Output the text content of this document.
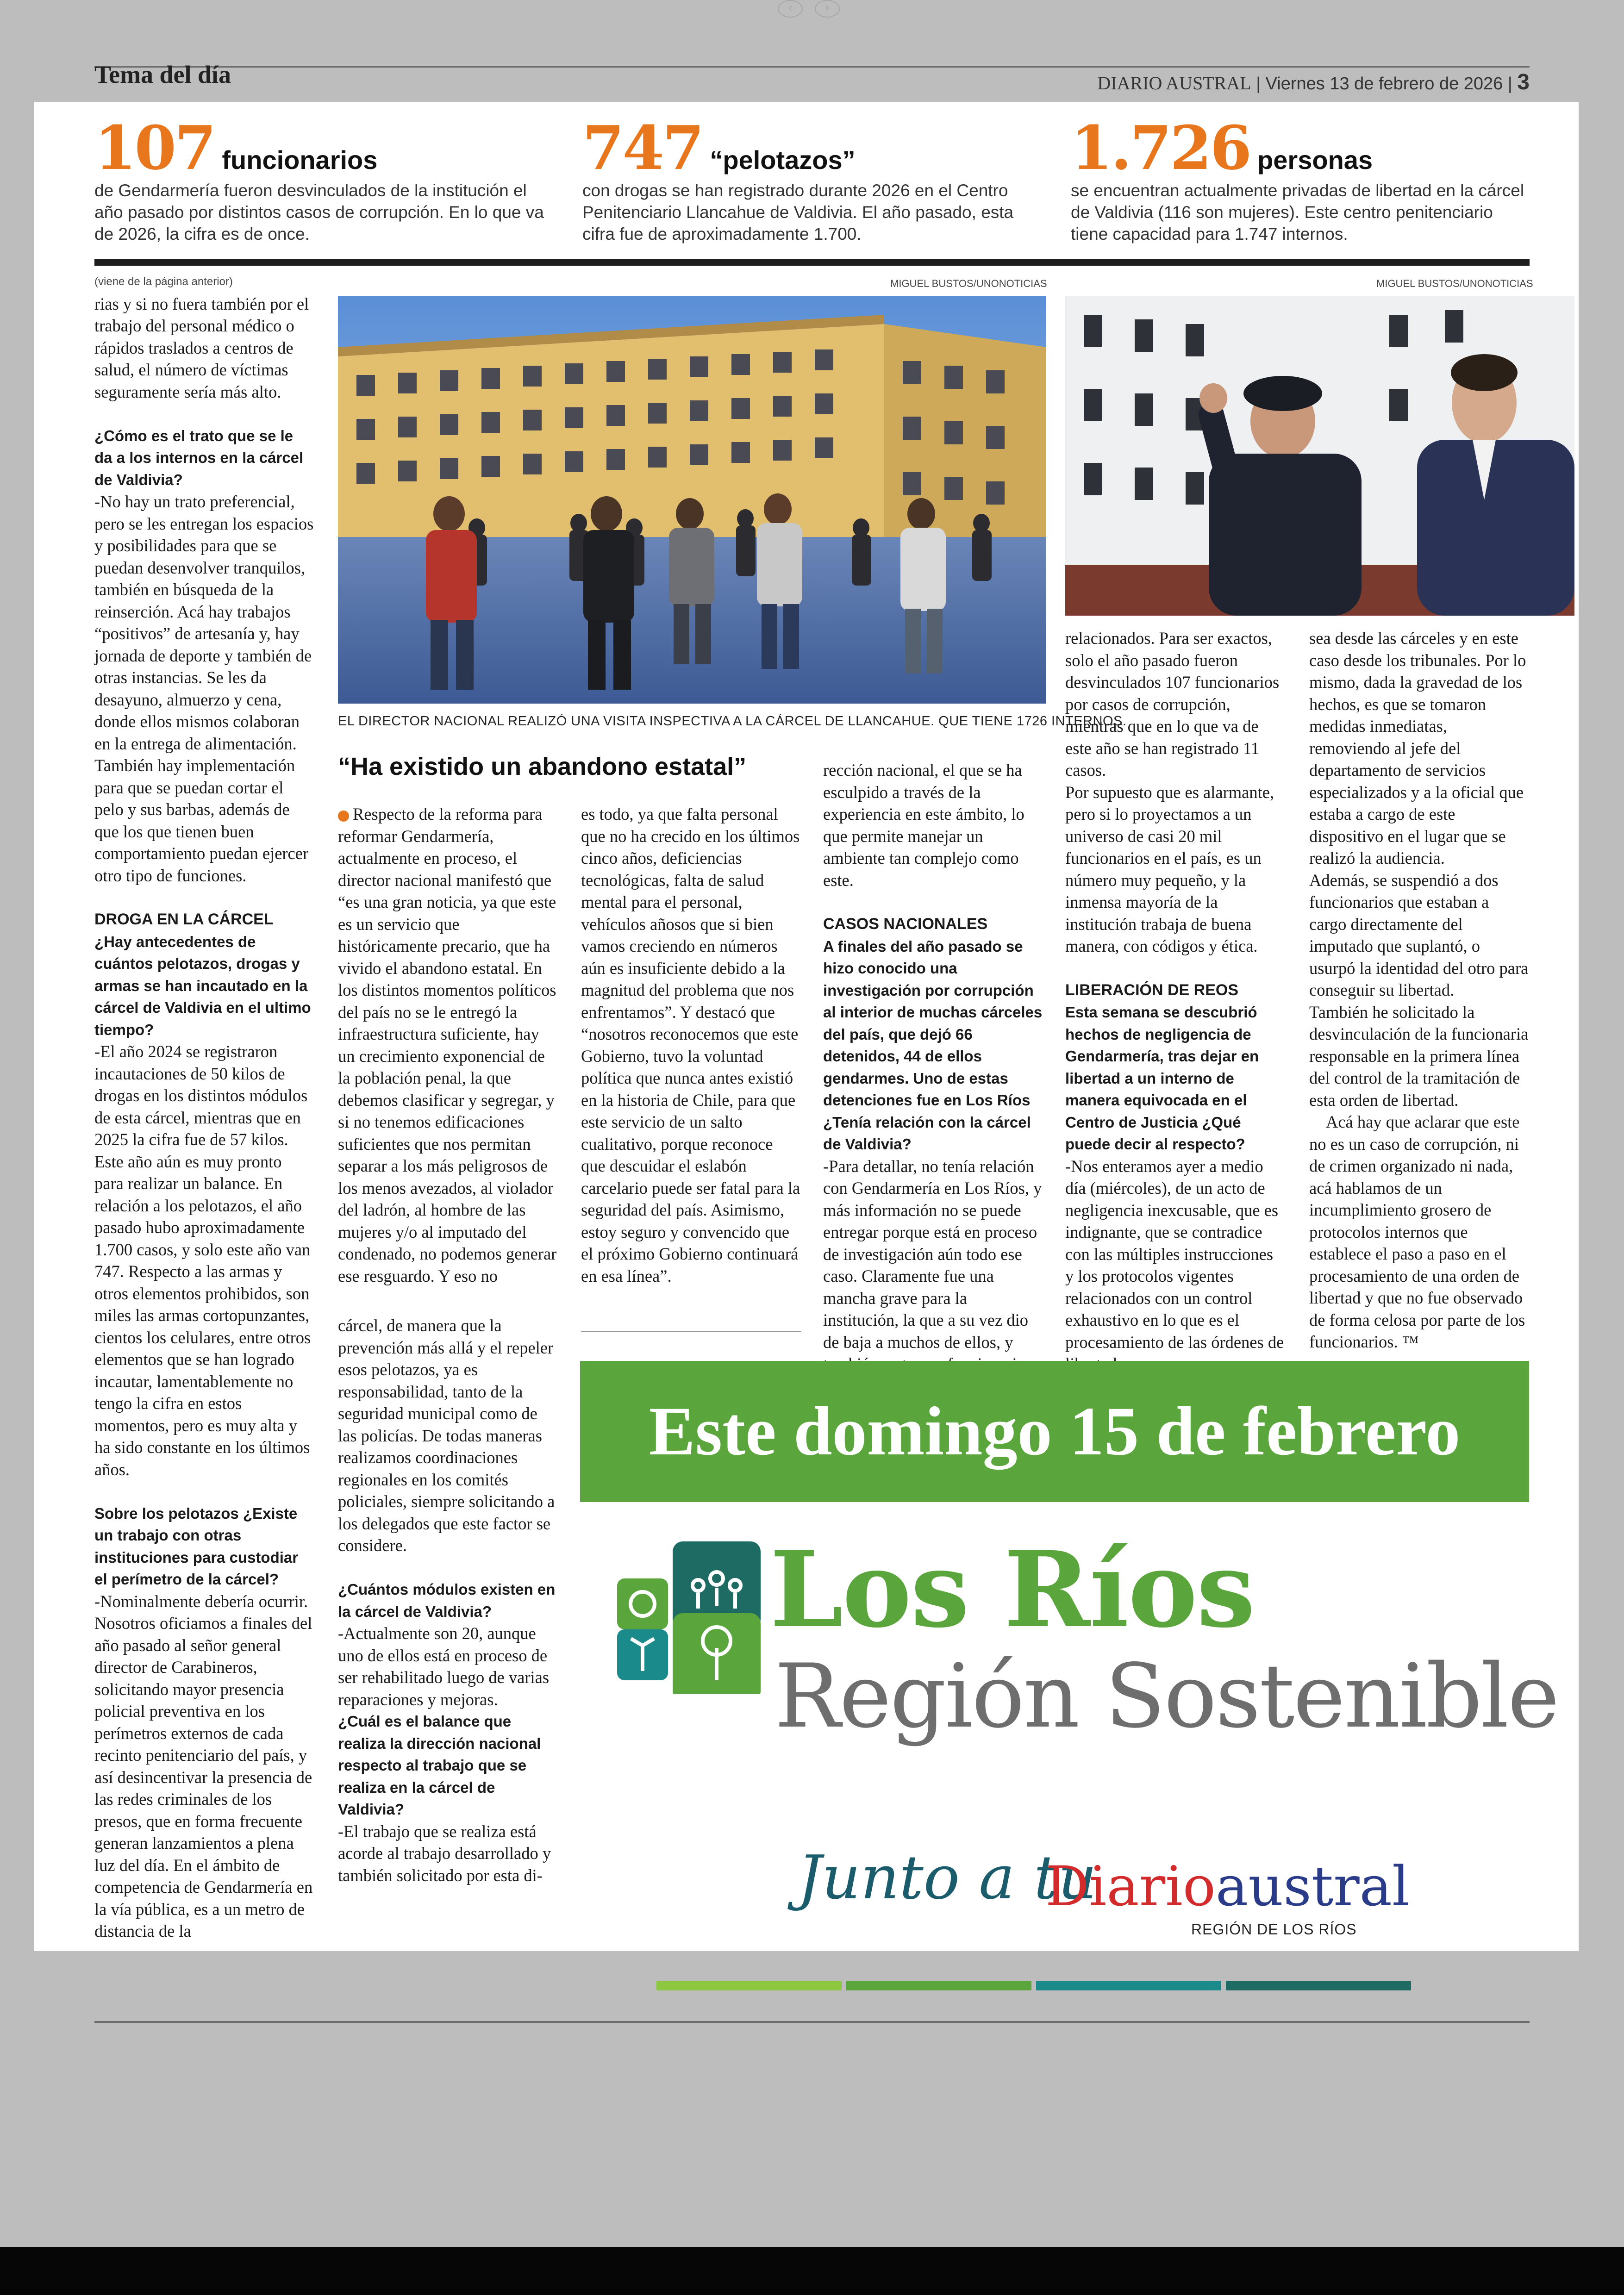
‹	›
Tema del día	DIARIO AUSTRAL | Viernes 13 de febrero de 2026 | 3
107 funcionarios
de Gendarmería fueron desvinculados de la institución el año pasado por distintos casos de corrupción. En lo que va de 2026, la cifra es de once.
747 “pelotazos”
con drogas se han registrado durante 2026 en el Centro Penitenciario Llancahue de Valdivia. El año pasado, esta cifra fue de aproximadamente 1.700.
1.726 personas
se encuentran actualmente privadas de libertad en la cárcel de Valdivia (116 son mujeres). Este centro penitenciario tiene capacidad para 1.747 internos.

(viene de la página anterior)

rias y si no fuera también por el trabajo del personal médico o rápidos traslados a centros de salud, el número de víctimas seguramente sería más alto.

¿Cómo es el trato que se le da a los internos en la cárcel de Valdivia?

-No hay un trato preferencial, pero se les entregan los espacios y posibilidades para que se puedan desenvolver tranquilos, también en búsqueda de la reinserción. Acá hay trabajos “positivos” de artesanía y, hay jornada de deporte y también de otras instancias. Se les da desayuno, almuerzo y cena, donde ellos mismos colaboran en la entrega de alimentación. También hay implementación para que se puedan cortar el pelo y sus barbas, además de que los que tienen buen comportamiento puedan ejercer otro tipo de funciones.

DROGA EN LA CÁRCEL

¿Hay antecedentes de cuántos pelotazos, drogas y armas se han incautado en la cárcel de Valdivia en el ultimo tiempo?

-El año 2024 se registraron incautaciones de 50 kilos de drogas en los distintos módulos de esta cárcel, mientras que en 2025 la cifra fue de 57 kilos. Este año aún es muy pronto para realizar un balance. En relación a los pelotazos, el año pasado hubo aproximadamente 1.700 casos, y solo este año van 747. Respecto a las armas y otros elementos prohibidos, son miles las armas cortopunzantes, cientos los celulares, entre otros elementos que se han logrado incautar, lamentablemente no tengo la cifra en estos momentos, pero es muy alta y ha sido constante en los últimos años.

Sobre los pelotazos ¿Existe un trabajo con otras instituciones para custodiar el perímetro de la cárcel?

-Nominalmente debería ocurrir. Nosotros oficiamos a finales del año pasado al señor general director de Carabineros, solicitando mayor presencia policial preventiva en los perímetros externos de cada recinto penitenciario del país, y así desincentivar la presencia de las redes criminales de los presos, que en forma frecuente generan lanzamientos a plena luz del día. En el ámbito de competencia de Gendarmería en la vía pública, es a un metro de distancia de la

MIGUEL BUSTOS/UNONOTICIAS
EL DIRECTOR NACIONAL REALIZÓ UNA VISITA INSPECTIVA A LA CÁRCEL DE LLANCAHUE. QUE TIENE 1726 INTERNOS.
MIGUEL BUSTOS/UNONOTICIAS
“Ha existido un abandono estatal”

Respecto de la reforma para reformar Gendarmería, actualmente en proceso, el director nacional manifestó que “es una gran noticia, ya que este es un servicio que históricamente precario, que ha vivido el abandono estatal. En los distintos momentos políticos del país no se le entregó la infraestructura suficiente, hay un crecimiento exponencial de la población penal, la que debemos clasificar y segregar, y si no tenemos edificaciones suficientes que nos permitan separar a los más peligrosos de los menos avezados, al violador del ladrón, al hombre de las mujeres y/o al imputado del condenado, no podemos generar ese resguardo. Y eso no

cárcel, de manera que la prevención más allá y el repeler esos pelotazos, ya es responsabilidad, tanto de la seguridad municipal como de las policías. De todas maneras realizamos coordinaciones regionales en los comités policiales, siempre solicitando a los delegados que este factor se considere.

¿Cuántos módulos existen en la cárcel de Valdivia?

-Actualmente son 20, aunque uno de ellos está en proceso de ser rehabilitado luego de varias reparaciones y mejoras.

¿Cuál es el balance que realiza la dirección nacional respecto al trabajo que se realiza en la cárcel de Valdivia?

-El trabajo que se realiza está acorde al trabajo desarrollado y también solicitado por esta di-

es todo, ya que falta personal que no ha crecido en los últimos cinco años, deficiencias tecnológicas, falta de salud mental para el personal, vehículos añosos que si bien vamos creciendo en números aún es insuficiente debido a la magnitud del problema que nos enfrentamos”. Y destacó que “nosotros reconocemos que este Gobierno, tuvo la voluntad política que nunca antes existió en la historia de Chile, para que este servicio de un salto cualitativo, porque reconoce que descuidar el eslabón carcelario puede ser fatal para la seguridad del país. Asimismo, estoy seguro y convencido que el próximo Gobierno continuará en esa línea”.

rección nacional, el que se ha esculpido a través de la experiencia en este ámbito, lo que permite manejar un ambiente tan complejo como este.

CASOS NACIONALES

A finales del año pasado se hizo conocido una investigación por corrupción al interior de muchas cárceles del país, que dejó 66 detenidos, 44 de ellos gendarmes. Uno de estas detenciones fue en Los Ríos ¿Tenía relación con la cárcel de Valdivia?

-Para detallar, no tenía relación con Gendarmería en Los Ríos, y más información no se puede entregar porque está en proceso de investigación aún todo ese caso. Claramente fue una mancha grave para la institución, la que a su vez dio de baja a muchos de ellos, y

relacionados. Para ser exactos, solo el año pasado fueron desvinculados 107 funcionarios por casos de corrupción, mientras que en lo que va de este año se han registrado 11 casos.

Por supuesto que es alarmante, pero si lo proyectamos a un universo de casi 20 mil funcionarios en el país, es un número muy pequeño, y la inmensa mayoría de la institución trabaja de buena manera, con códigos y ética.

LIBERACIÓN DE REOS

Esta semana se descubrió hechos de negligencia de Gendarmería, tras dejar en libertad a un interno de manera equivocada en el Centro de Justicia ¿Qué puede decir al respecto?

-Nos enteramos ayer a medio día (miércoles), de un acto de negligencia inexcusable, que es indignante, que se contradice con las múltiples instrucciones y los protocolos vigentes relacionados con un control exhaustivo en lo que es el procesamiento de las órdenes de

sea desde las cárceles y en este caso desde los tribunales. Por lo mismo, dada la gravedad de los hechos, es que se tomaron medidas inmediatas, removiendo al jefe del departamento de servicios especializados y a la oficial que estaba a cargo de este dispositivo en el lugar que se realizó la audiencia.

Además, se suspendió a dos funcionarios que estaban a cargo directamente del imputado que suplantó, o usurpó la identidad del otro para conseguir su libertad.

También he solicitado la desvinculación de la funcionaria responsable en la primera línea del control de la tramitación de esta orden de libertad.

Acá hay que aclarar que este no es un caso de corrupción, ni de crimen organizado ni nada, acá hablamos de un incumplimiento grosero de protocolos internos que establece el paso a paso en el procesamiento de una orden de libertad y que no fue observado de forma celosa por parte de los funcionarios. ™

Este domingo 15 de febrero
Los Ríos
Región Sostenible
Junto a tu
Diarioaustral
REGIÓN DE LOS RÍOS
